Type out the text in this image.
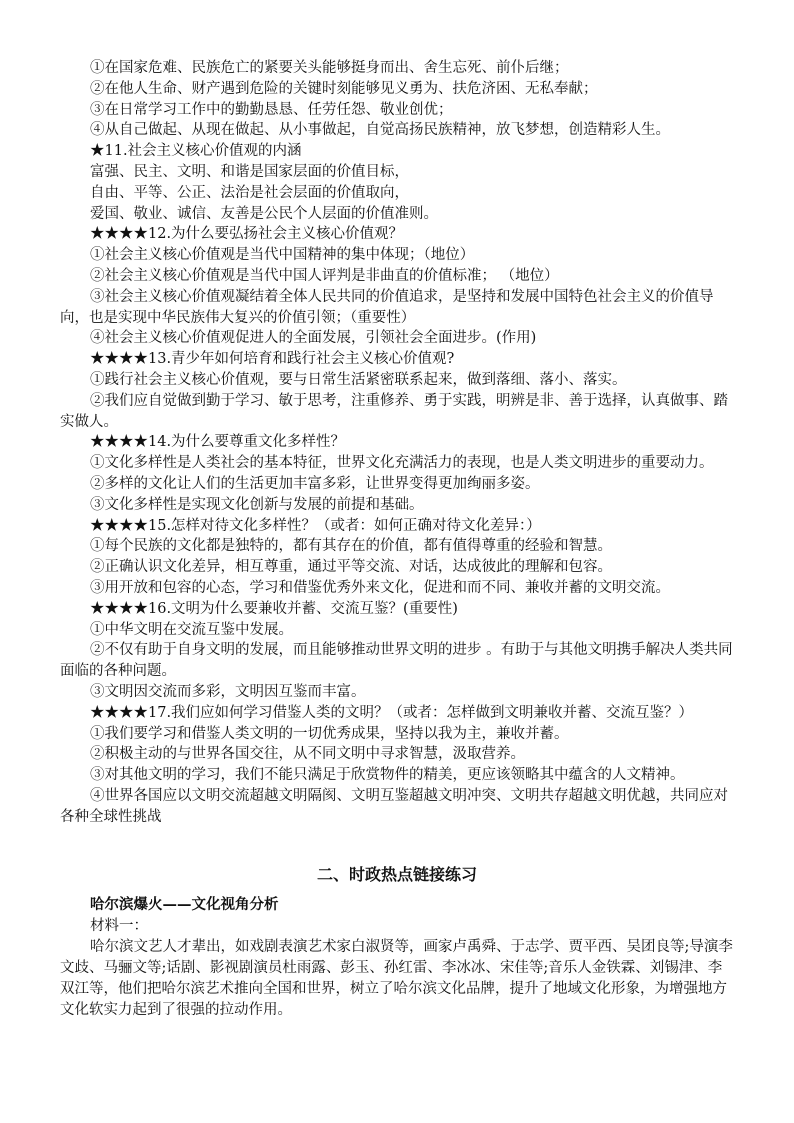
①在国家危难、民族危亡的紧要关头能够挺身而出、舍生忘死、前仆后继；

②在他人生命、财产遇到危险的关键时刻能够见义勇为、扶危济困、无私奉献；

③在日常学习工作中的勤勤恳恳、任劳任怨、敬业创优；

④从自己做起、从现在做起、从小事做起，自觉高扬民族精神，放飞梦想，创造精彩人生。

★11.社会主义核心价值观的内涵

富强、民主、文明、和谐是国家层面的价值目标，

自由、平等、公正、法治是社会层面的价值取向，

爱国、敬业、诚信、友善是公民个人层面的价值准则。

★★★★12.为什么要弘扬社会主义核心价值观？

①社会主义核心价值观是当代中国精神的集中体现；（地位）

②社会主义核心价值观是当代中国人评判是非曲直的价值标准； （地位）

③社会主义核心价值观凝结着全体人民共同的价值追求，是坚持和发展中国特色社会主义的价值导向，也是实现中华民族伟大复兴的价值引领；（重要性）

④社会主义核心价值观促进人的全面发展，引领社会全面进步。(作用)

★★★★13.青少年如何培育和践行社会主义核心价值观?

①践行社会主义核心价值观，要与日常生活紧密联系起来，做到落细、落小、落实。

②我们应自觉做到勤于学习、敏于思考，注重修养、勇于实践，明辨是非、善于选择，认真做事、踏实做人。

★★★★14.为什么要尊重文化多样性？

①文化多样性是人类社会的基本特征，世界文化充满活力的表现，也是人类文明进步的重要动力。

②多样的文化让人们的生活更加丰富多彩，让世界变得更加绚丽多姿。

③文化多样性是实现文化创新与发展的前提和基础。

★★★★15.怎样对待文化多样性？（或者：如何正确对待文化差异：）

①每个民族的文化都是独特的，都有其存在的价值，都有值得尊重的经验和智慧。

②正确认识文化差异，相互尊重，通过平等交流、对话，达成彼此的理解和包容。

③用开放和包容的心态，学习和借鉴优秀外来文化，促进和而不同、兼收并蓄的文明交流。

★★★★16.文明为什么要兼收并蓄、交流互鉴？(重要性)

①中华文明在交流互鉴中发展。

②不仅有助于自身文明的发展，而且能够推动世界文明的进步 。有助于与其他文明携手解决人类共同面临的各种问题。

③文明因交流而多彩，文明因互鉴而丰富。

★★★★17.我们应如何学习借鉴人类的文明？（或者：怎样做到文明兼收并蓄、交流互鉴？）

①我们要学习和借鉴人类文明的一切优秀成果，坚持以我为主，兼收并蓄。

②积极主动的与世界各国交往，从不同文明中寻求智慧，汲取营养。

③对其他文明的学习，我们不能只满足于欣赏物件的精美，更应该领略其中蕴含的人文精神。

④世界各国应以文明交流超越文明隔阂、文明互鉴超越文明冲突、文明共存超越文明优越，共同应对各种全球性挑战

二、时政热点链接练习
哈尔滨爆火——文化视角分析

材料一：

哈尔滨文艺人才辈出，如戏剧表演艺术家白淑贤等，画家卢禹舜、于志学、贾平西、吴团良等;导演李文歧、马骊文等;话剧、影视剧演员杜雨露、彭玉、孙红雷、李冰冰、宋佳等;音乐人金铁霖、刘锡津、李双江等，他们把哈尔滨艺术推向全国和世界，树立了哈尔滨文化品牌，提升了地域文化形象，为增强地方文化软实力起到了很强的拉动作用。
